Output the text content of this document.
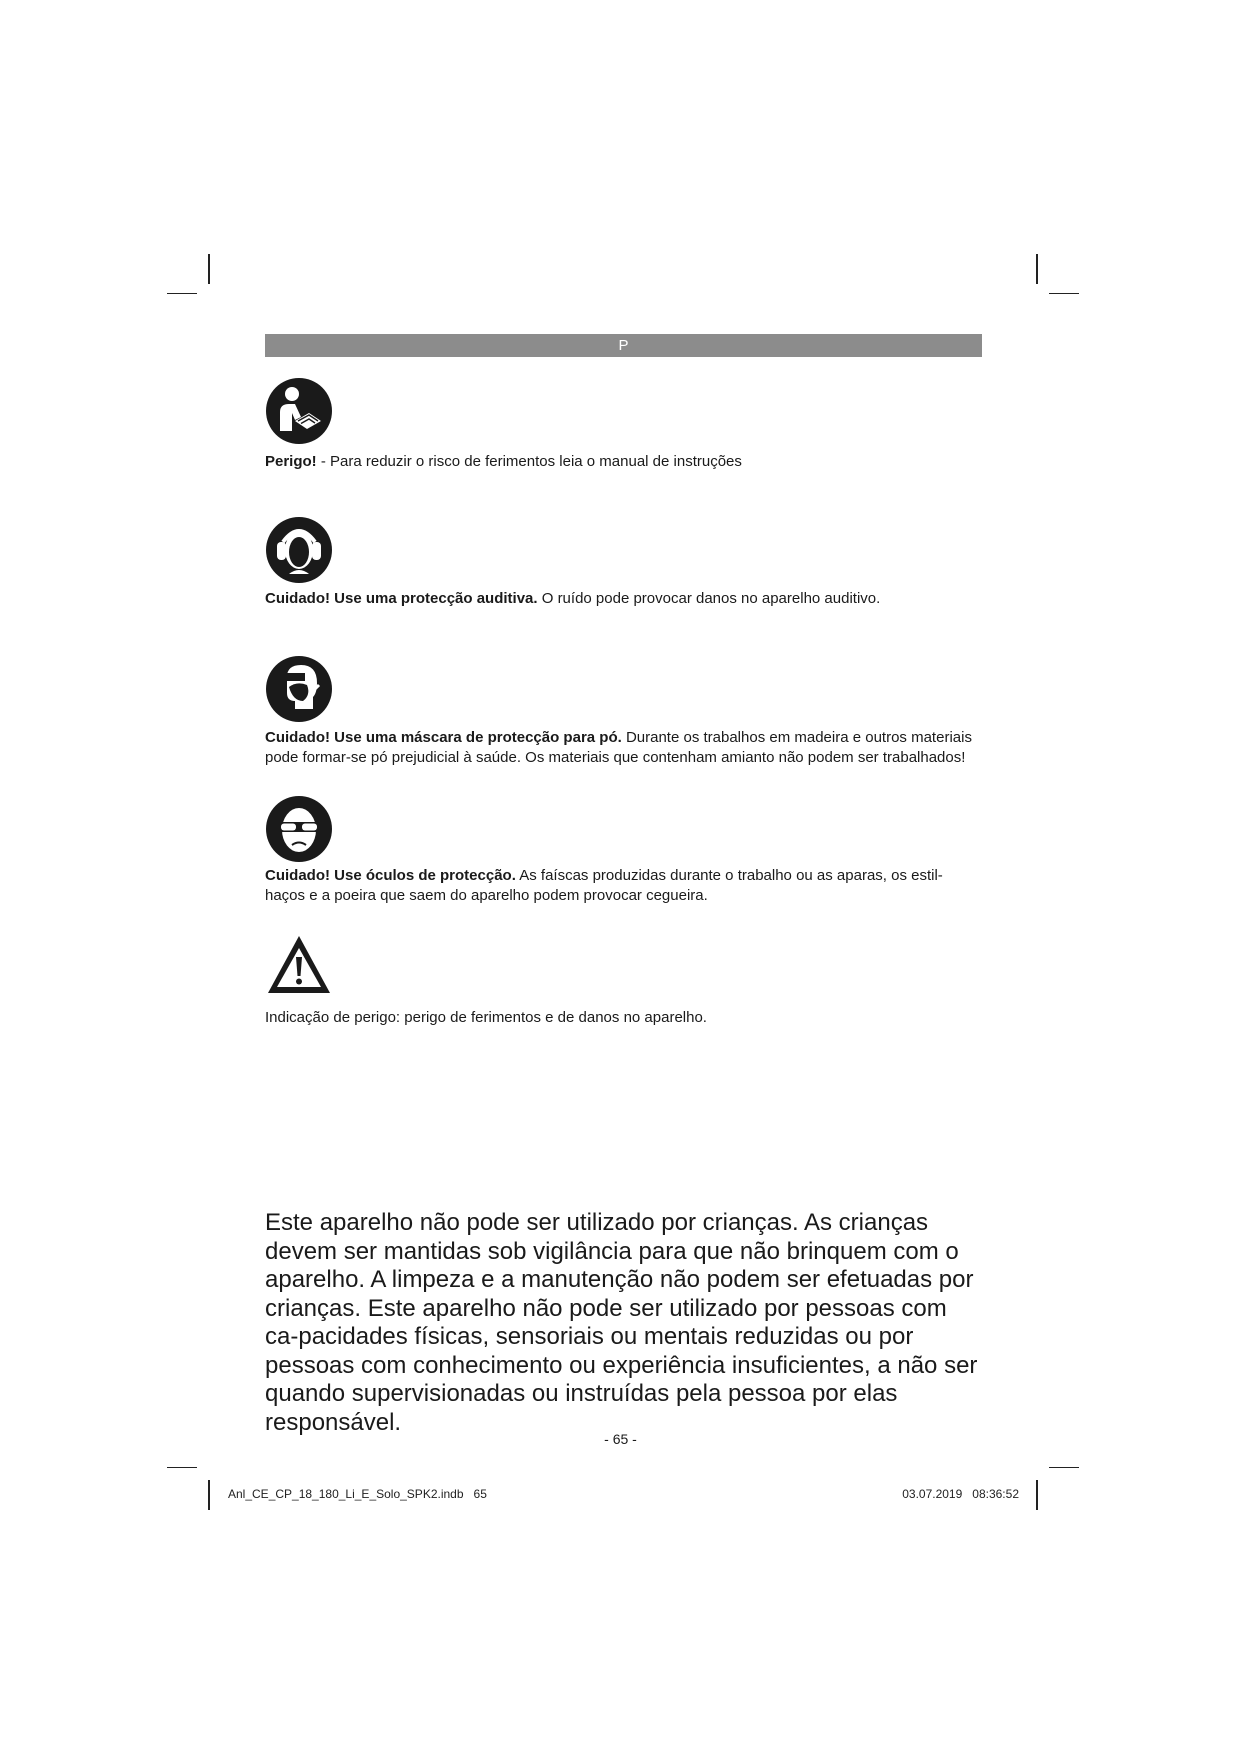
P
Perigo! - Para reduzir o risco de ferimentos leia o manual de instruções
Cuidado! Use uma protecção auditiva. O ruído pode provocar danos no aparelho auditivo.
Cuidado! Use uma máscara de protecção para pó. Durante os trabalhos em madeira e outros materiais pode formar-se pó prejudicial à saúde. Os materiais que contenham amianto não podem ser trabalhados!
Cuidado! Use óculos de protecção. As faíscas produzidas durante o trabalho ou as aparas, os estil-haços e a poeira que saem do aparelho podem provocar cegueira.
Indicação de perigo: perigo de ferimentos e de danos no aparelho.
Este aparelho não pode ser utilizado por crianças. As crianças devem ser mantidas sob vigilância para que não brinquem com o aparelho. A limpeza e a manutenção não podem ser efetuadas por crianças. Este aparelho não pode ser utilizado por pessoas com ca-pacidades físicas, sensoriais ou mentais reduzidas ou por pessoas com conhecimento ou experiência insuficientes, a não ser quando supervisionadas ou instruídas pela pessoa por elas responsável.
- 65 -
Anl_CE_CP_18_180_Li_E_Solo_SPK2.indb   65	03.07.2019   08:36:52
